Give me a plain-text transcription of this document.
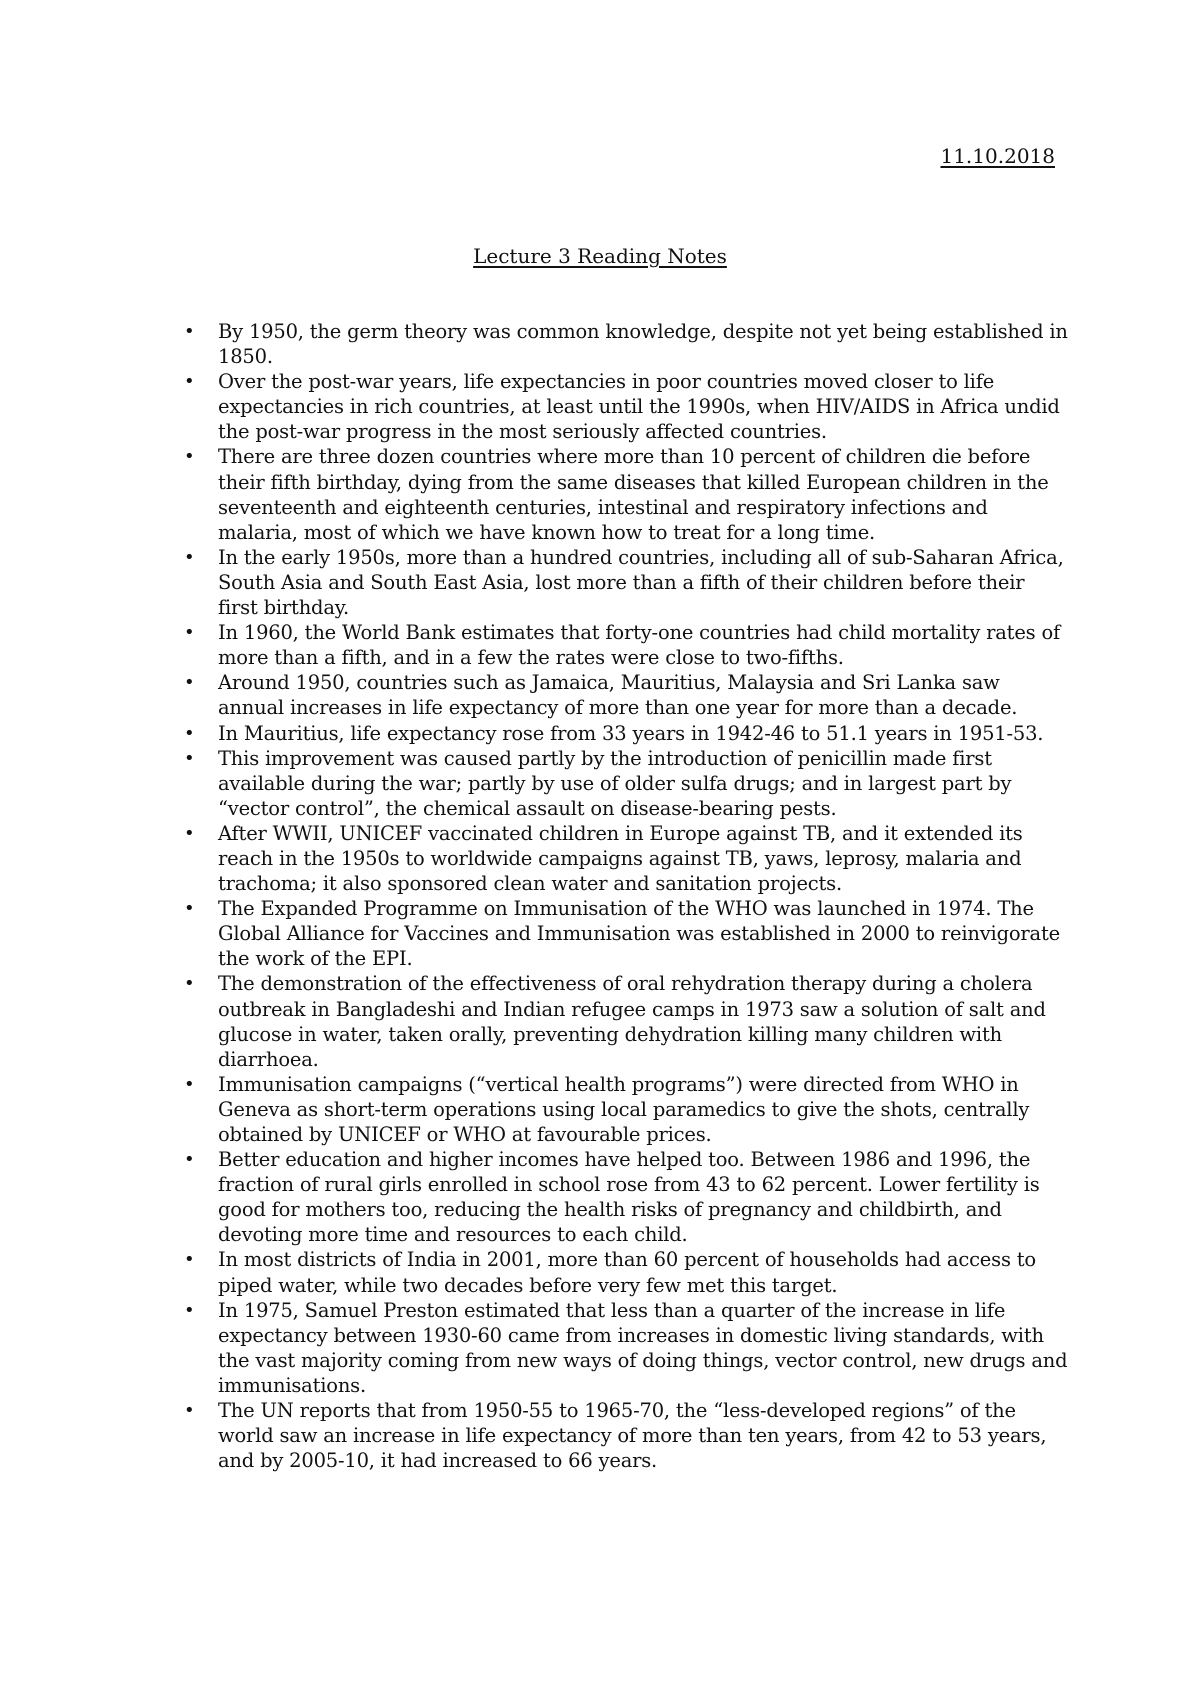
11.10.2018
Lecture 3 Reading Notes
• By 1950, the germ theory was common knowledge, despite not yet being established in 1850.
• Over the post-war years, life expectancies in poor countries moved closer to life expectancies in rich countries, at least until the 1990s, when HIV/AIDS in Africa undid the post-war progress in the most seriously affected countries.
• There are three dozen countries where more than 10 percent of children die before their fifth birthday, dying from the same diseases that killed European children in the seventeenth and eighteenth centuries, intestinal and respiratory infections and malaria, most of which we have known how to treat for a long time.
• In the early 1950s, more than a hundred countries, including all of sub-Saharan Africa, South Asia and South East Asia, lost more than a fifth of their children before their first birthday.
• In 1960, the World Bank estimates that forty-one countries had child mortality rates of more than a fifth, and in a few the rates were close to two-fifths.
• Around 1950, countries such as Jamaica, Mauritius, Malaysia and Sri Lanka saw annual increases in life expectancy of more than one year for more than a decade.
• In Mauritius, life expectancy rose from 33 years in 1942-46 to 51.1 years in 1951-53.
• This improvement was caused partly by the introduction of penicillin made first available during the war; partly by use of older sulfa drugs; and in largest part by “vector control”, the chemical assault on disease-bearing pests.
• After WWII, UNICEF vaccinated children in Europe against TB, and it extended its reach in the 1950s to worldwide campaigns against TB, yaws, leprosy, malaria and trachoma; it also sponsored clean water and sanitation projects.
• The Expanded Programme on Immunisation of the WHO was launched in 1974. The Global Alliance for Vaccines and Immunisation was established in 2000 to reinvigorate the work of the EPI.
• The demonstration of the effectiveness of oral rehydration therapy during a cholera outbreak in Bangladeshi and Indian refugee camps in 1973 saw a solution of salt and glucose in water, taken orally, preventing dehydration killing many children with diarrhoea.
• Immunisation campaigns (“vertical health programs”) were directed from WHO in Geneva as short-term operations using local paramedics to give the shots, centrally obtained by UNICEF or WHO at favourable prices.
• Better education and higher incomes have helped too. Between 1986 and 1996, the fraction of rural girls enrolled in school rose from 43 to 62 percent. Lower fertility is good for mothers too, reducing the health risks of pregnancy and childbirth, and devoting more time and resources to each child.
• In most districts of India in 2001, more than 60 percent of households had access to piped water, while two decades before very few met this target.
• In 1975, Samuel Preston estimated that less than a quarter of the increase in life expectancy between 1930-60 came from increases in domestic living standards, with the vast majority coming from new ways of doing things, vector control, new drugs and immunisations.
• The UN reports that from 1950-55 to 1965-70, the “less-developed regions” of the world saw an increase in life expectancy of more than ten years, from 42 to 53 years, and by 2005-10, it had increased to 66 years.
